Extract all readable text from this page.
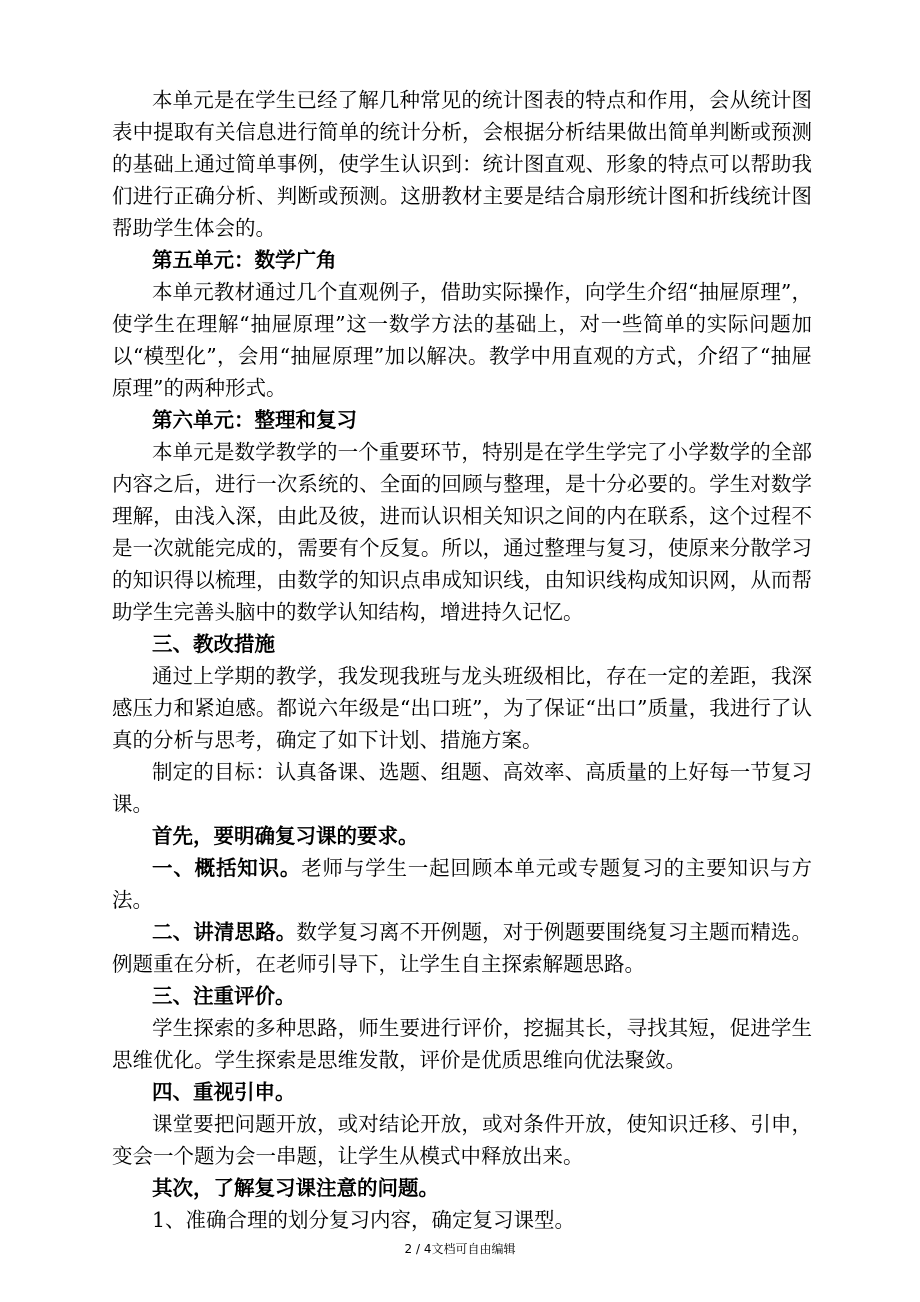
本单元是在学生已经了解几种常见的统计图表的特点和作用，会从统计图表中提取有关信息进行简单的统计分析，会根据分析结果做出简单判断或预测的基础上通过简单事例，使学生认识到：统计图直观、形象的特点可以帮助我们进行正确分析、判断或预测。这册教材主要是结合扇形统计图和折线统计图帮助学生体会的。

第五单元：数学广角

本单元教材通过几个直观例子，借助实际操作，向学生介绍“抽屉原理”，使学生在理解“抽屉原理”这一数学方法的基础上，对一些简单的实际问题加以“模型化”，会用“抽屉原理”加以解决。教学中用直观的方式，介绍了“抽屉原理”的两种形式。

第六单元：整理和复习

本单元是数学教学的一个重要环节，特别是在学生学完了小学数学的全部内容之后，进行一次系统的、全面的回顾与整理，是十分必要的。学生对数学理解，由浅入深，由此及彼，进而认识相关知识之间的内在联系，这个过程不是一次就能完成的，需要有个反复。所以，通过整理与复习，使原来分散学习的知识得以梳理，由数学的知识点串成知识线，由知识线构成知识网，从而帮助学生完善头脑中的数学认知结构，增进持久记忆。

三、教改措施

通过上学期的教学，我发现我班与龙头班级相比，存在一定的差距，我深感压力和紧迫感。都说六年级是“出口班”，为了保证“出口”质量，我进行了认真的分析与思考，确定了如下计划、措施方案。

制定的目标：认真备课、选题、组题、高效率、高质量的上好每一节复习课。

首先，要明确复习课的要求。

一、概括知识。老师与学生一起回顾本单元或专题复习的主要知识与方法。

二、讲清思路。数学复习离不开例题，对于例题要围绕复习主题而精选。例题重在分析，在老师引导下，让学生自主探索解题思路。

三、注重评价。

学生探索的多种思路，师生要进行评价，挖掘其长，寻找其短，促进学生思维优化。学生探索是思维发散，评价是优质思维向优法聚敛。

四、重视引申。

课堂要把问题开放，或对结论开放，或对条件开放，使知识迁移、引申，变会一个题为会一串题，让学生从模式中释放出来。

其次，了解复习课注意的问题。

1、准确合理的划分复习内容，确定复习课型。

2 / 4文档可自由编辑
